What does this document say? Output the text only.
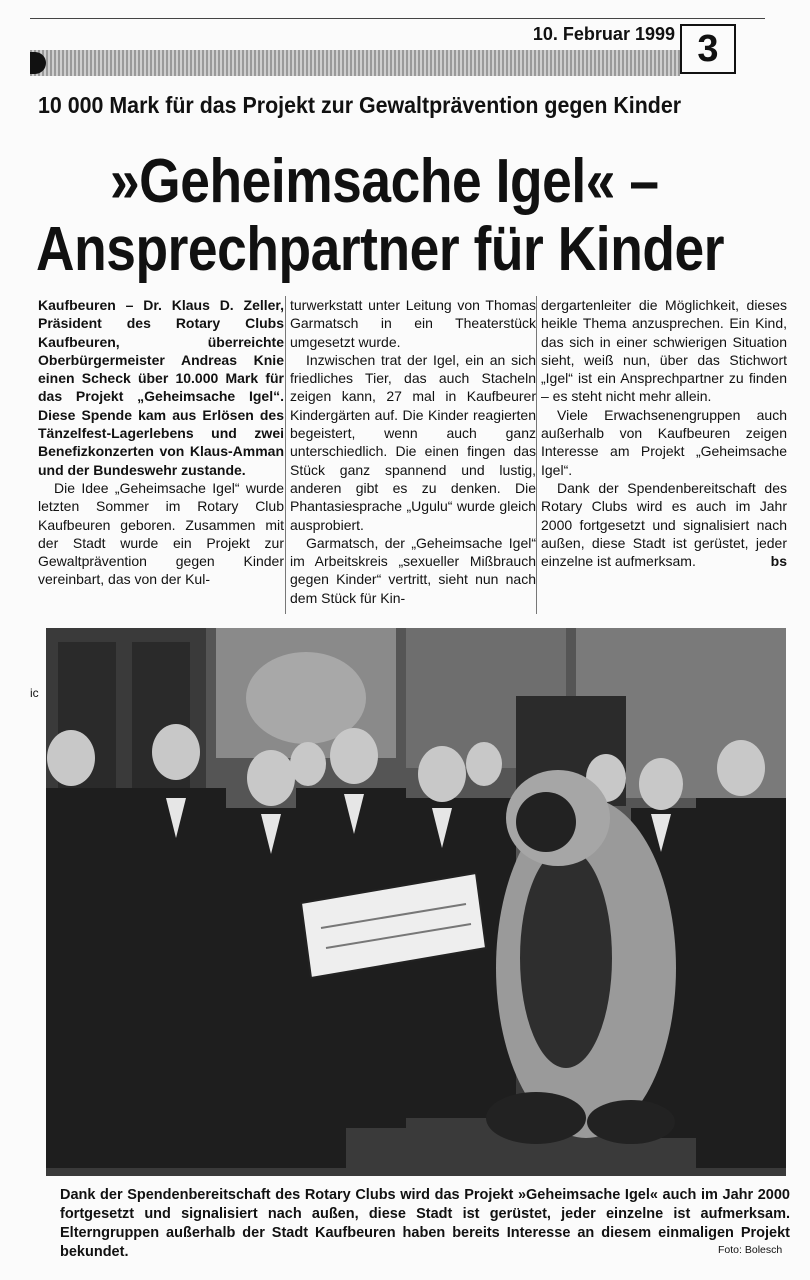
10. Februar 1999 3
10 000 Mark für das Projekt zur Gewaltprävention gegen Kinder
»Geheimsache Igel« –
Ansprechpartner für Kinder

Kaufbeuren – Dr. Klaus D. Zeller, Präsident des Rotary Clubs Kaufbeuren, überreichte Oberbürgermeister Andreas Knie einen Scheck über 10.000 Mark für das Projekt „Geheimsache Igel“. Diese Spende kam aus Erlösen des Tänzelfest-Lagerlebens und zwei Benefizkonzerten von Klaus-Amman und der Bundeswehr zustande.

Die Idee „Geheimsache Igel“ wurde letzten Sommer im Rotary Club Kaufbeuren geboren. Zusammen mit der Stadt wurde ein Projekt zur Gewaltprävention gegen Kinder vereinbart, das von der Kul-

turwerkstatt unter Leitung von Thomas Garmatsch in ein Theaterstück umgesetzt wurde.

Inzwischen trat der Igel, ein an sich friedliches Tier, das auch Stacheln zeigen kann, 27 mal in Kaufbeurer Kindergärten auf. Die Kinder reagierten begeistert, wenn auch ganz unterschiedlich. Die einen fingen das Stück ganz spannend und lustig, anderen gibt es zu denken. Die Phantasiesprache „Ugulu“ wurde gleich ausprobiert.

Garmatsch, der „Geheimsache Igel“ im Arbeitskreis „sexueller Mißbrauch gegen Kinder“ vertritt, sieht nun nach dem Stück für Kin-

dergartenleiter die Möglichkeit, dieses heikle Thema anzusprechen. Ein Kind, das sich in einer schwierigen Situation sieht, weiß nun, über das Stichwort „Igel“ ist ein Ansprechpartner zu finden – es steht nicht mehr allein.

Viele Erwachsenengruppen auch außerhalb von Kaufbeuren zeigen Interesse am Projekt „Geheimsache Igel“.

Dank der Spendenbereitschaft des Rotary Clubs wird es auch im Jahr 2000 fortgesetzt und signalisiert nach außen, diese Stadt ist gerüstet, jeder einzelne ist aufmerksam.	bs
ic
Dank der Spendenbereitschaft des Rotary Clubs wird das Projekt »Geheimsache Igel« auch im Jahr 2000 fortgesetzt und signalisiert nach außen, diese Stadt ist gerüstet, jeder einzelne ist aufmerksam. Elterngruppen außerhalb der Stadt Kaufbeuren haben bereits Interesse an diesem einmaligen Projekt bekundet.	Foto: Bolesch
